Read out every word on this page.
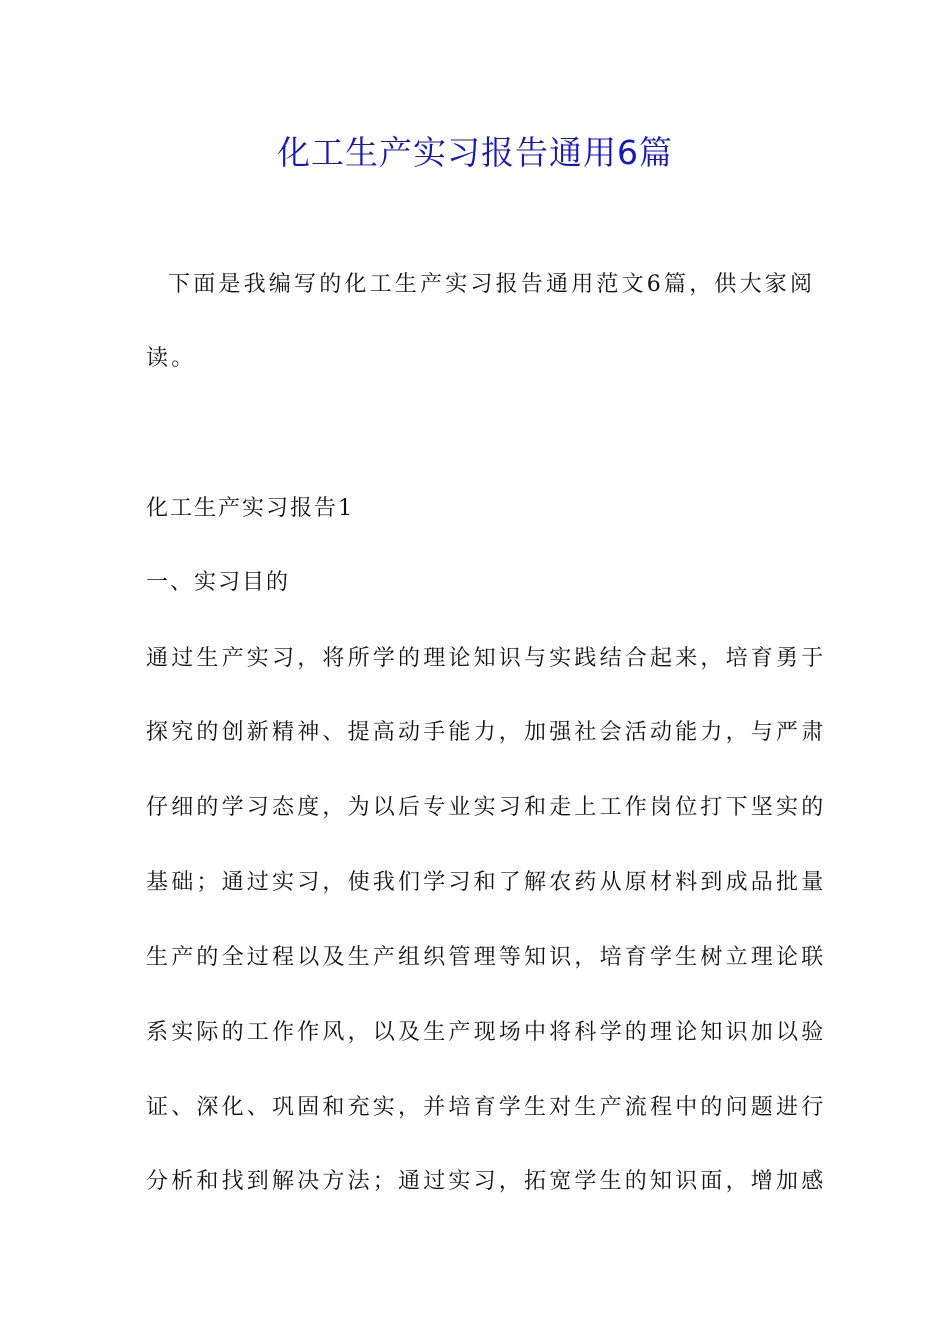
化工生产实习报告通用6篇

下面是我编写的化工生产实习报告通用范文6篇，供大家阅

读。

化工生产实习报告1

一、实习目的

通过生产实习，将所学的理论知识与实践结合起来，培育勇于

探究的创新精神、提高动手能力，加强社会活动能力，与严肃

仔细的学习态度，为以后专业实习和走上工作岗位打下坚实的

基础；通过实习，使我们学习和了解农药从原材料到成品批量

生产的全过程以及生产组织管理等知识，培育学生树立理论联

系实际的工作作风，以及生产现场中将科学的理论知识加以验

证、深化、巩固和充实，并培育学生对生产流程中的问题进行

分析和找到解决方法；通过实习，拓宽学生的知识面，增加感
